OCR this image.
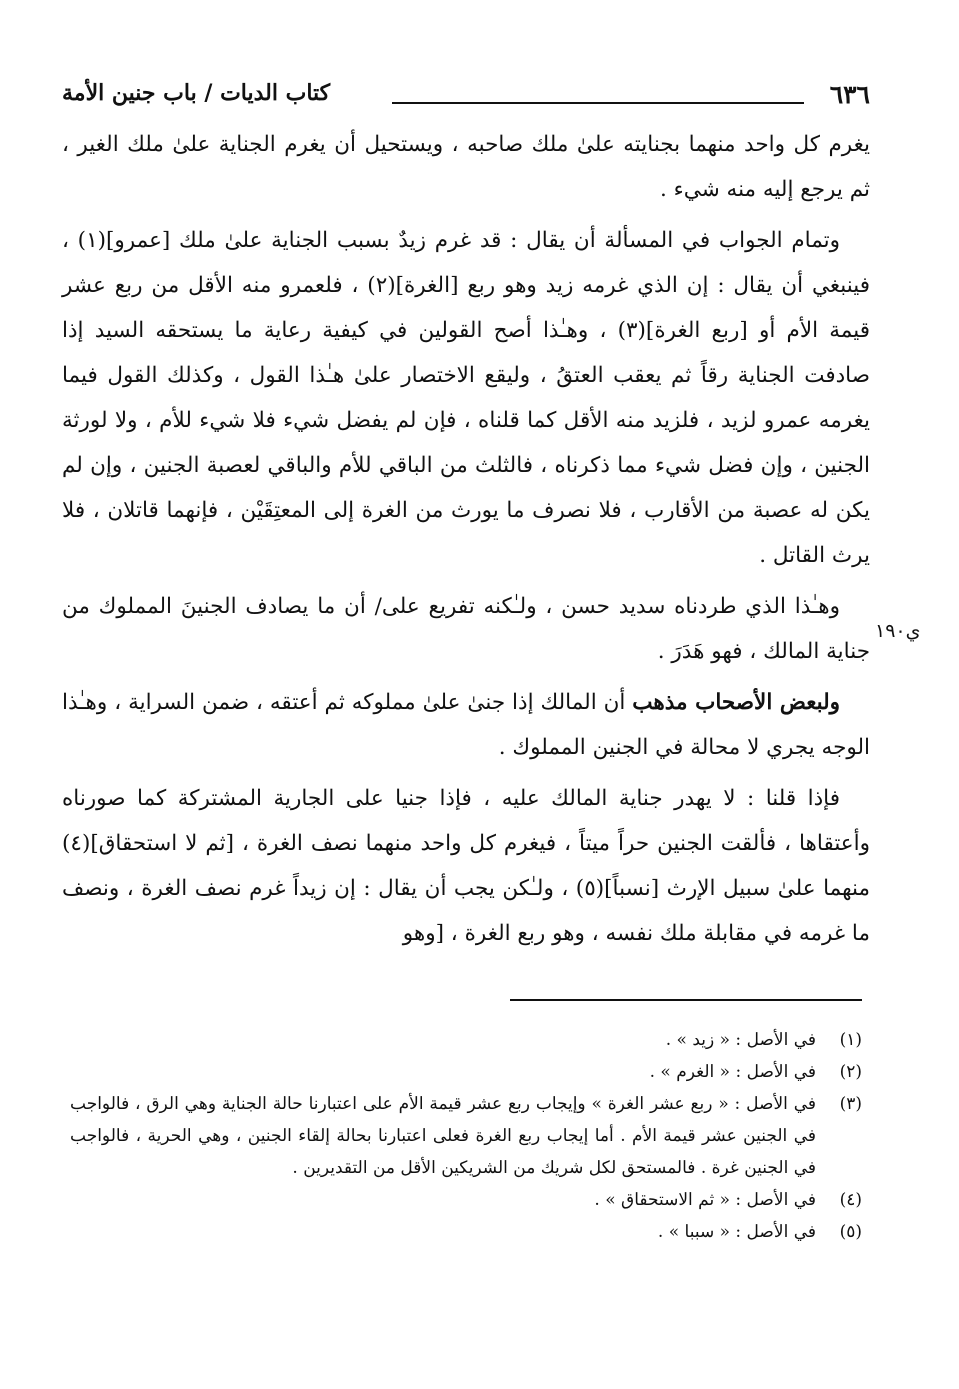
٦٣٦
كتاب الديات / باب جنين الأمة
ي١٩٠

يغرم كل واحد منهما بجنايته علىٰ ملك صاحبه ، ويستحيل أن يغرم الجناية علىٰ ملك الغير ، ثم يرجع إليه منه شيء .

وتمام الجواب في المسألة أن يقال : قد غرم زيدٌ بسبب الجناية علىٰ ملك [عمرو](١) ، فينبغي أن يقال : إن الذي غرمه زيد وهو ربع [الغرة](٢) ، فلعمرو منه الأقل من ربع عشر قيمة الأم أو [ربع الغرة](٣) ، وهـٰذا أصح القولين في كيفية رعاية ما يستحقه السيد إذا صادفت الجناية رقاً ثم يعقب العتقُ ، وليقع الاختصار علىٰ هـٰذا القول ، وكذلك القول فيما يغرمه عمرو لزيد ، فلزيد منه الأقل كما قلناه ، فإن لم يفضل شيء فلا شيء للأم ، ولا لورثة الجنين ، وإن فضل شيء مما ذكرناه ، فالثلث من الباقي للأم والباقي لعصبة الجنين ، وإن لم يكن له عصبة من الأقارب ، فلا نصرف ما يورث من الغرة إلى المعتِقَيْن ، فإنهما قاتلان ، فلا يرث القاتل .

وهـٰذا الذي طردناه سديد حسن ، ولـٰكنه تفريع على/ أن ما يصادف الجنينَ المملوك من جناية المالك ، فهو هَدَرَ .

ولبعض الأصحاب مذهب أن المالك إذا جنىٰ علىٰ مملوكه ثم أعتقه ، ضمن السراية ، وهـٰذا الوجه يجري لا محالة في الجنين المملوك .

فإذا قلنا : لا يهدر جناية المالك عليه ، فإذا جنيا على الجارية المشتركة كما صورناه وأعتقاها ، فألقت الجنين حراً ميتاً ، فيغرم كل واحد منهما نصف الغرة ، [ثم لا استحقاق](٤) منهما علىٰ سبيل الإرث [نسباً](٥) ، ولـٰكن يجب أن يقال : إن زيداً غرم نصف الغرة ، ونصف ما غرمه في مقابلة ملك نفسه ، وهو ربع الغرة ، [وهو

(١)
في الأصل : « زيد » .
(٢)
في الأصل : « الغرم » .
(٣)
في الأصل : « ربع عشر الغرة » وإيجاب ربع عشر قيمة الأم على اعتبارنا حالة الجناية وهي الرق ، فالواجب في الجنين عشر قيمة الأم . أما إيجاب ربع الغرة فعلى اعتبارنا بحالة إلقاء الجنين ، وهي الحرية ، فالواجب في الجنين غرة . فالمستحق لكل شريك من الشريكين الأقل من التقديرين .
(٤)
في الأصل : « ثم الاستحقاق » .
(٥)
في الأصل : « سببا » .
